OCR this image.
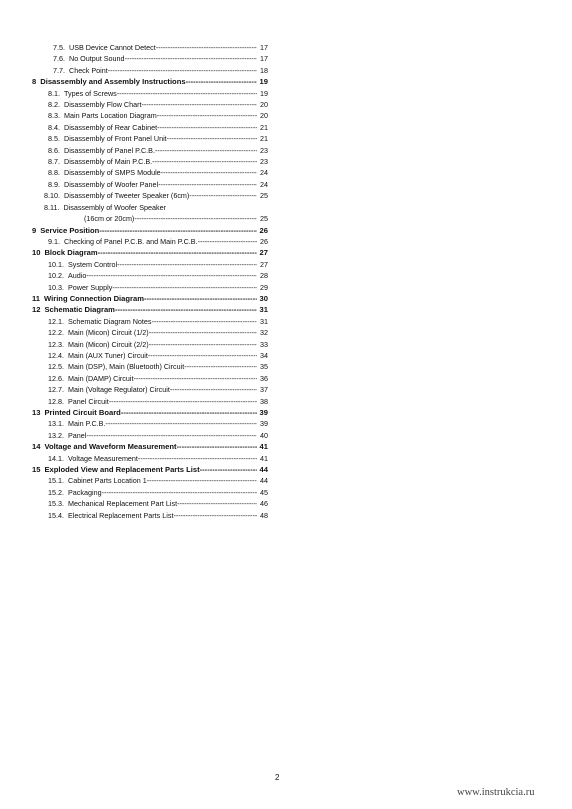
7.5. USB Device Cannot Detect -----	17
7.6. No Output Sound -----	17
7.7. Check Point -----	18
8 Disassembly and Assembly Instructions -----	19
8.1. Types of Screws -----	19
8.2. Disassembly Flow Chart -----	20
8.3. Main Parts Location Diagram -----	20
8.4. Disassembly of Rear Cabinet -----	21
8.5. Disassembly of Front Panel Unit -----	21
8.6. Disassembly of Panel P.C.B. -----	23
8.7. Disassembly of Main P.C.B. -----	23
8.8. Disassembly of SMPS Module -----	24
8.9. Disassembly of Woofer Panel -----	24
8.10. Disassembly of Tweeter Speaker (6cm) -----	25
8.11. Disassembly of Woofer Speaker
(16cm or 20cm) -----	25
9 Service Position -----	26
9.1. Checking of Panel P.C.B. and Main P.C.B. -----	26
10 Block Diagram -----	27
10.1. System Control -----	27
10.2. Audio -----	28
10.3. Power Supply -----	29
11 Wiring Connection Diagram -----	30
12 Schematic Diagram -----	31
12.1. Schematic Diagram Notes -----	31
12.2. Main (Micon) Circuit (1/2) -----	32
12.3. Main (Micon) Circuit (2/2) -----	33
12.4. Main (AUX Tuner) Circuit -----	34
12.5. Main (DSP), Main (Bluetooth) Circuit -----	35
12.6. Main (DAMP) Circuit -----	36
12.7. Main (Voltage Regulator) Circuit -----	37
12.8. Panel Circuit -----	38
13 Printed Circuit Board -----	39
13.1. Main P.C.B. -----	39
13.2. Panel -----	40
14 Voltage and Waveform Measurement -----	41
14.1. Voltage Measurement -----	41
15 Exploded View and Replacement Parts List -----	44
15.1. Cabinet Parts Location 1 -----	44
15.2. Packaging -----	45
15.3. Mechanical Replacement Part List -----	46
15.4. Electrical Replacement Parts List -----	48
2
www.instrukcia.ru
